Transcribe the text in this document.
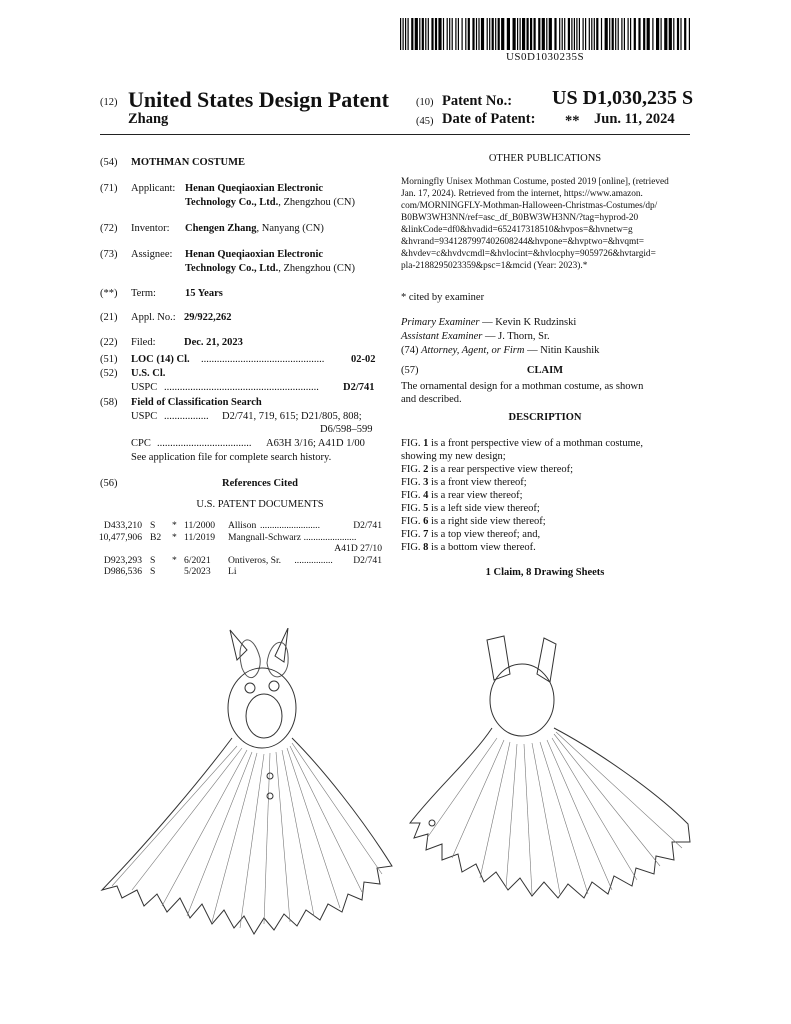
US0D1030235S
(12) United States Design Patent
Zhang
(10) Patent No.: US D1,030,235 S
(45) Date of Patent: ** Jun. 11, 2024
(54) MOTHMAN COSTUME
(71) Applicant: Henan Queqiaoxian Electronic
Technology Co., Ltd., Zhengzhou (CN)
(72) Inventor: Chengen Zhang, Nanyang (CN)
(73) Assignee: Henan Queqiaoxian Electronic
Technology Co., Ltd., Zhengzhou (CN)
(**) Term:	15 Years
(21) Appl. No.: 29/922,262
(22) Filed:	Dec. 21, 2023
(51) LOC (14) Cl. ...............................................	02-02
(52) U.S. Cl.
USPC ........................................................... D2/741
(58) Field of Classification Search
USPC ................. D2/741, 719, 615; D21/805, 808;
D6/598–599
CPC .................................... A63H 3/16; A41D 1/00
See application file for complete search history.
(56)	References Cited
U.S. PATENT DOCUMENTS
D433,210 S * 11/2000 Allison .........................	D2/741
10,477,906 B2 * 11/2019 Mangnall-Schwarz ......................
A41D 27/10
D923,293 S * 6/2021 Ontiveros, Sr. ................ D2/741
D986,536 S	5/2023 Li
OTHER PUBLICATIONS
Morningfly Unisex Mothman Costume, posted 2019 [online], (retrieved
Jan. 17, 2024). Retrieved from the internet, https://www.amazon.
com/MORNINGFLY-Mothman-Halloween-Christmas-Costumes/dp/
B0BW3WH3NN/ref=asc_df_B0BW3WH3NN/?tag=hyprod-20
&linkCode=df0&hvadid=652417318510&hvpos=&hvnetw=g
&hvrand=9341287997402608244&hvpone=&hvptwo=&hvqmt=
&hvdev=c&hvdvcmdl=&hvlocint=&hvlocphy=9059726&hvtargid=
pla-2188295023359&psc=1&mcid (Year: 2023).*
* cited by examiner
Primary Examiner — Kevin K Rudzinski
Assistant Examiner — J. Thorn, Sr.
(74) Attorney, Agent, or Firm — Nitin Kaushik
(57)	CLAIM
The ornamental design for a mothman costume, as shown
and described.
DESCRIPTION
FIG. 1 is a front perspective view of a mothman costume,
showing my new design;
FIG. 2 is a rear perspective view thereof;
FIG. 3 is a front view thereof;
FIG. 4 is a rear view thereof;
FIG. 5 is a left side view thereof;
FIG. 6 is a right side view thereof;
FIG. 7 is a top view thereof; and,
FIG. 8 is a bottom view thereof.
1 Claim, 8 Drawing Sheets
